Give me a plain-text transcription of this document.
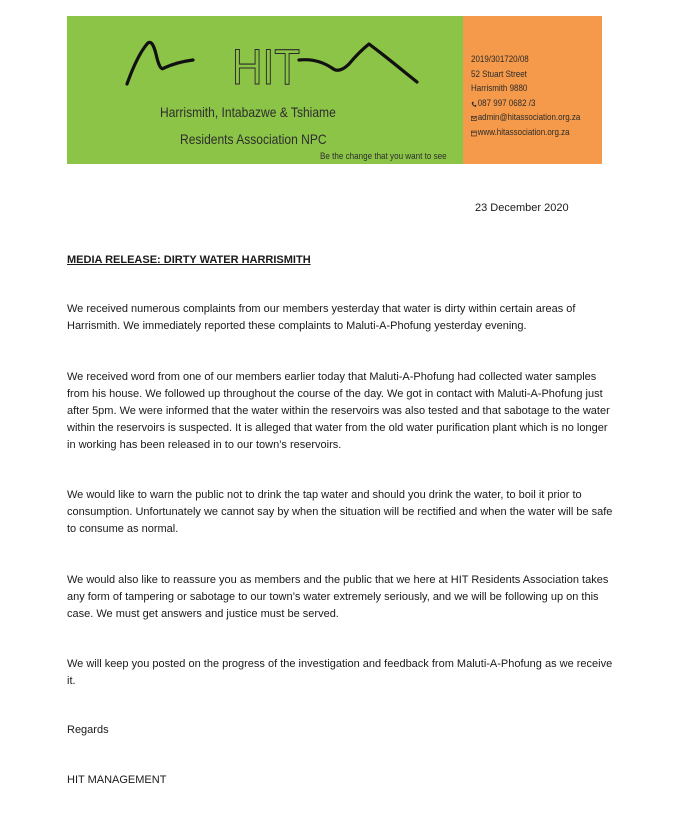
HIT
Harrismith, Intabazwe & Tshiame
Residents Association NPC
Be the change that you want to see
2019/301720/08
52 Stuart Street
Harrismith 9880
087 997 0682 /3
admin@hitassociation.org.za
www.hitassociation.org.za
23 December 2020
MEDIA RELEASE: DIRTY WATER HARRISMITH

We received numerous complaints from our members yesterday that water is dirty within certain areas of Harrismith. We immediately reported these complaints to Maluti-A-Phofung yesterday evening.

We received word from one of our members earlier today that Maluti-A-Phofung had collected water samples from his house. We followed up throughout the course of the day. We got in contact with Maluti-A-Phofung just after 5pm. We were informed that the water within the reservoirs was also tested and that sabotage to the water within the reservoirs is suspected. It is alleged that water from the old water purification plant which is no longer in working has been released in to our town’s reservoirs.

We would like to warn the public not to drink the tap water and should you drink the water, to boil it prior to consumption. Unfortunately we cannot say by when the situation will be rectified and when the water will be safe to consume as normal.

We would also like to reassure you as members and the public that we here at HIT Residents Association takes any form of tampering or sabotage to our town’s water extremely seriously, and we will be following up on this case. We must get answers and justice must be served.

We will keep you posted on the progress of the investigation and feedback from Maluti-A-Phofung as we receive it.

Regards
HIT MANAGEMENT
